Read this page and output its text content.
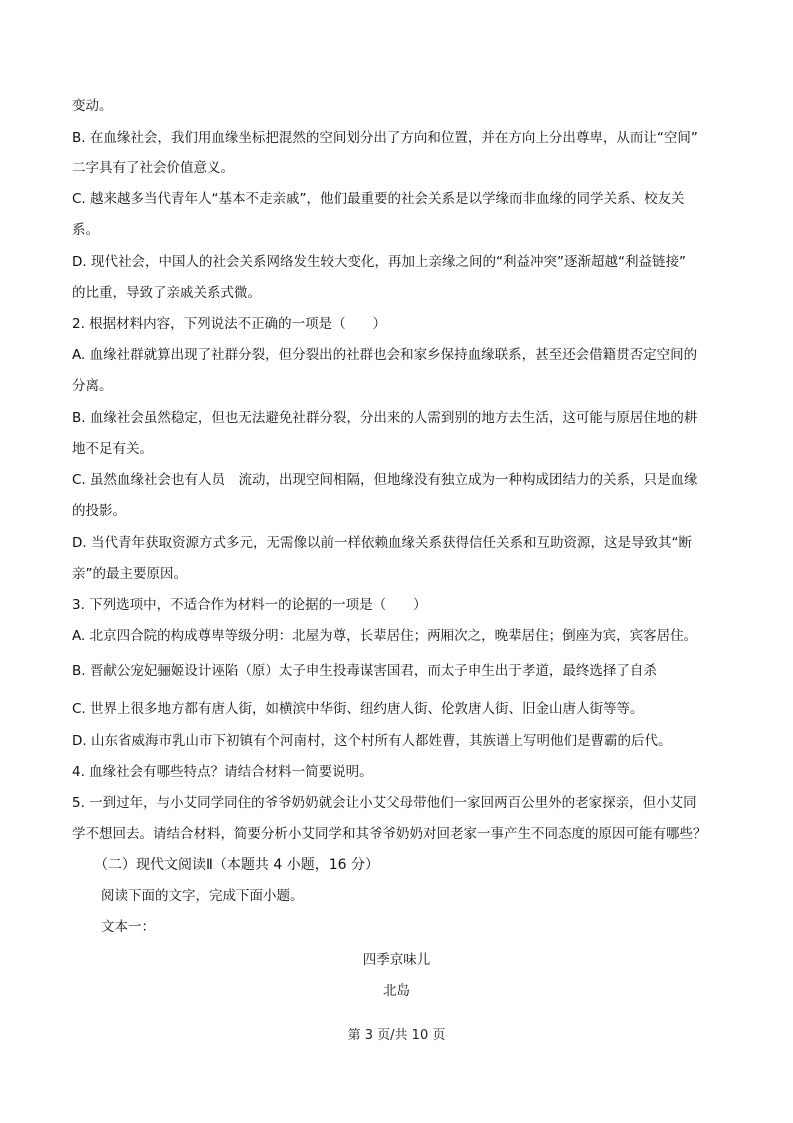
变动。
B. 在血缘社会，我们用血缘坐标把混然的空间划分出了方向和位置，并在方向上分出尊卑，从而让“空间”
二字具有了社会价值意义。
C. 越来越多当代青年人“基本不走亲戚”，他们最重要的社会关系是以学缘而非血缘的同学关系、校友关
系。
D. 现代社会，中国人的社会关系网络发生较大变化，再加上亲缘之间的“利益冲突”逐渐超越“利益链接”
的比重，导致了亲戚关系式微。
2. 根据材料内容，下列说法不正确的一项是（　　）
A. 血缘社群就算出现了社群分裂，但分裂出的社群也会和家乡保持血缘联系，甚至还会借籍贯否定空间的
分离。
B. 血缘社会虽然稳定，但也无法避免社群分裂，分出来的人需到别的地方去生活，这可能与原居住地的耕
地不足有关。
C. 虽然血缘社会也有人员　流动，出现空间相隔，但地缘没有独立成为一种构成团结力的关系，只是血缘
的投影。
D. 当代青年获取资源方式多元，无需像以前一样依赖血缘关系获得信任关系和互助资源，这是导致其“断
亲”的最主要原因。
3. 下列选项中，不适合作为材料一的论据的一项是（　　）
A. 北京四合院的构成尊卑等级分明：北屋为尊，长辈居住；两厢次之，晚辈居住；倒座为宾，宾客居住。
B. 晋献公宠妃骊姬设计诬陷（原）太子申生投毒谋害国君，而太子申生出于孝道，最终选择了自杀
C. 世界上很多地方都有唐人街，如横滨中华街、纽约唐人街、伦敦唐人街、旧金山唐人街等等。
D. 山东省威海市乳山市下初镇有个河南村，这个村所有人都姓曹，其族谱上写明他们是曹霸的后代。
4. 血缘社会有哪些特点？请结合材料一简要说明。
5. 一到过年，与小艾同学同住的爷爷奶奶就会让小艾父母带他们一家回两百公里外的老家探亲，但小艾同
学不想回去。请结合材料，简要分析小艾同学和其爷爷奶奶对回老家一事产生不同态度的原因可能有哪些？
（二）现代文阅读Ⅱ（本题共 4 小题，16 分）
阅读下面的文字，完成下面小题。
文本一：
四季京味儿
北岛
第 3 页/共 10 页
